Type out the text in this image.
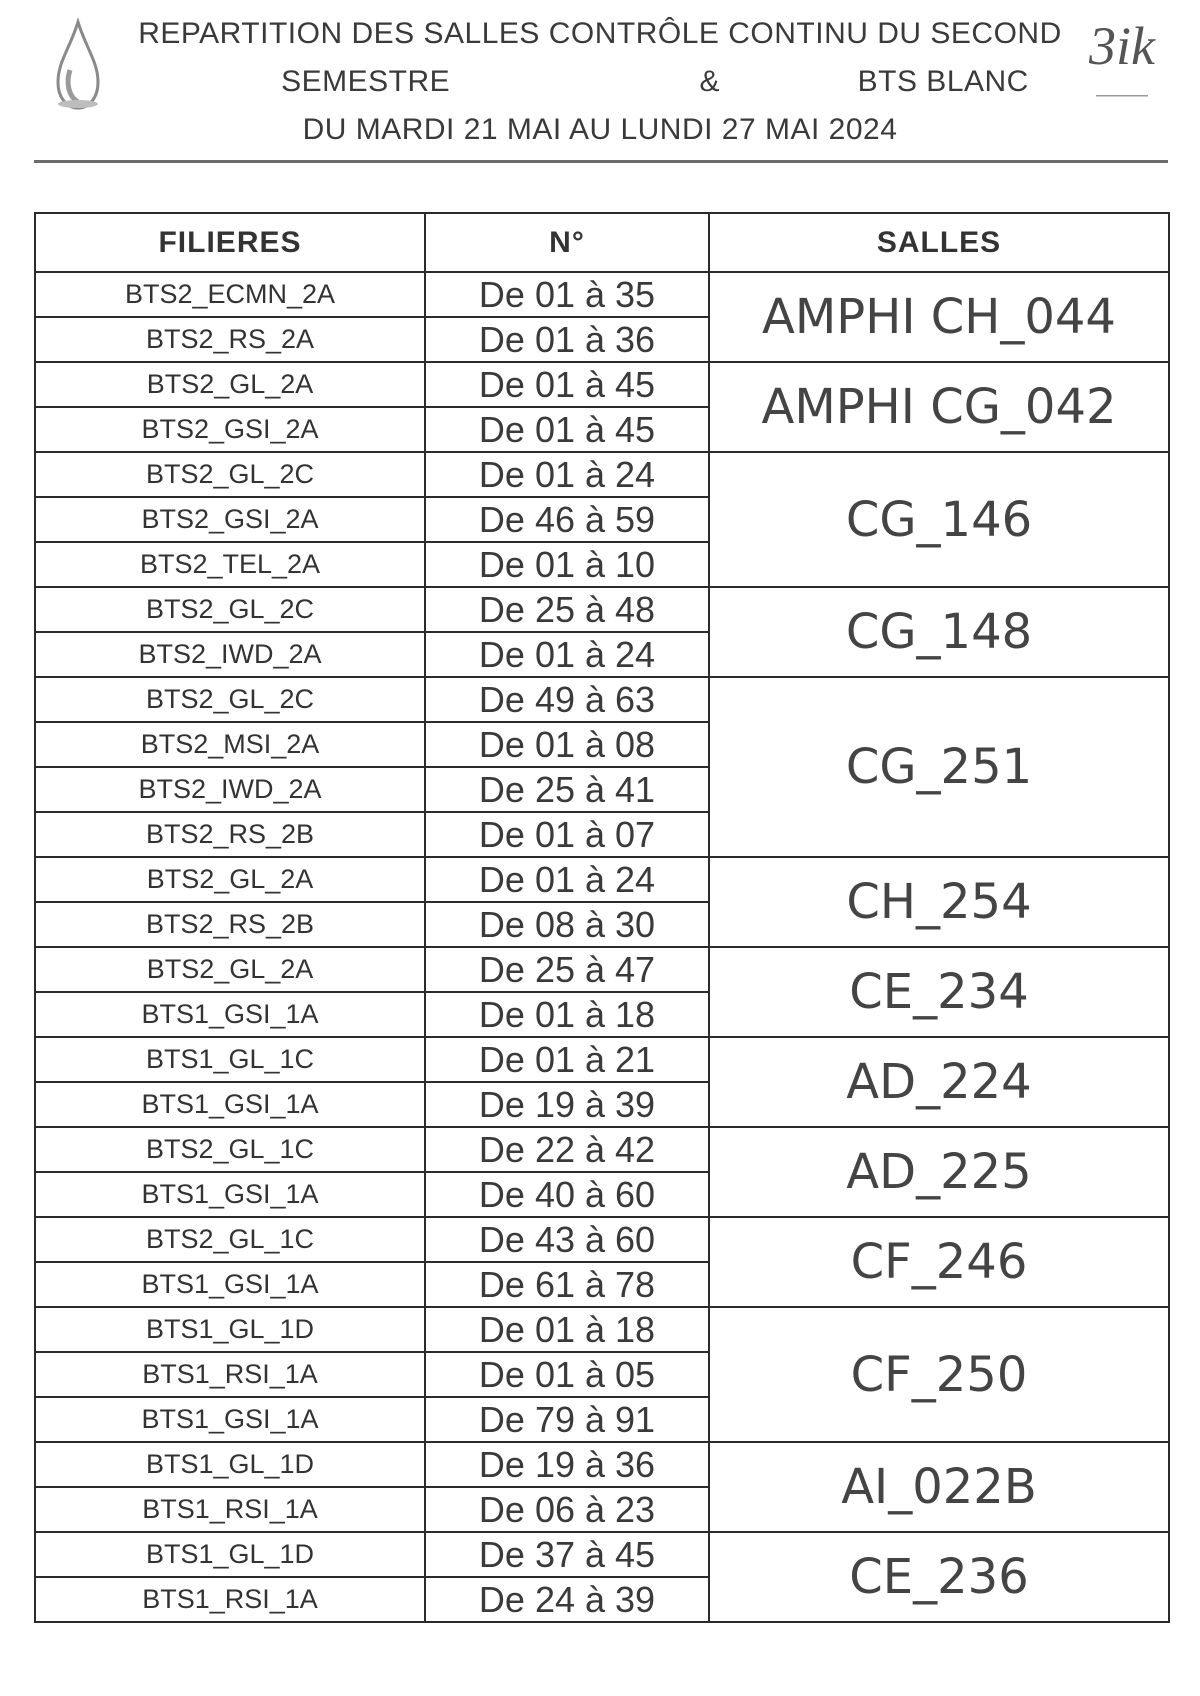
3ik
REPARTITION DES SALLES CONTRÔLE CONTINU DU SECOND
SEMESTRE	&	BTS BLANC
DU MARDI 21 MAI AU LUNDI 27 MAI 2024
FILIERES	N°	SALLES
BTS2_ECMN_2A	De 01 à 35	AMPHI CH_044
BTS2_RS_2A	De 01 à 36	
BTS2_GL_2A	De 01 à 45	AMPHI CG_042
BTS2_GSI_2A	De 01 à 45	
BTS2_GL_2C	De 01 à 24	CG_146
BTS2_GSI_2A	De 46 à 59	
BTS2_TEL_2A	De 01 à 10	
BTS2_GL_2C	De 25 à 48	CG_148
BTS2_IWD_2A	De 01 à 24	
BTS2_GL_2C	De 49 à 63	CG_251
BTS2_MSI_2A	De 01 à 08	
BTS2_IWD_2A	De 25 à 41	
BTS2_RS_2B	De 01 à 07	
BTS2_GL_2A	De 01 à 24	CH_254
BTS2_RS_2B	De 08 à 30	
BTS2_GL_2A	De 25 à 47	CE_234
BTS1_GSI_1A	De 01 à 18	
BTS1_GL_1C	De 01 à 21	AD_224
BTS1_GSI_1A	De 19 à 39	
BTS2_GL_1C	De 22 à 42	AD_225
BTS1_GSI_1A	De 40 à 60	
BTS2_GL_1C	De 43 à 60	CF_246
BTS1_GSI_1A	De 61 à 78	
BTS1_GL_1D	De 01 à 18	CF_250
BTS1_RSI_1A	De 01 à 05	
BTS1_GSI_1A	De 79 à 91	
BTS1_GL_1D	De 19 à 36	AI_022B
BTS1_RSI_1A	De 06 à 23	
BTS1_GL_1D	De 37 à 45	CE_236
BTS1_RSI_1A	De 24 à 39	
